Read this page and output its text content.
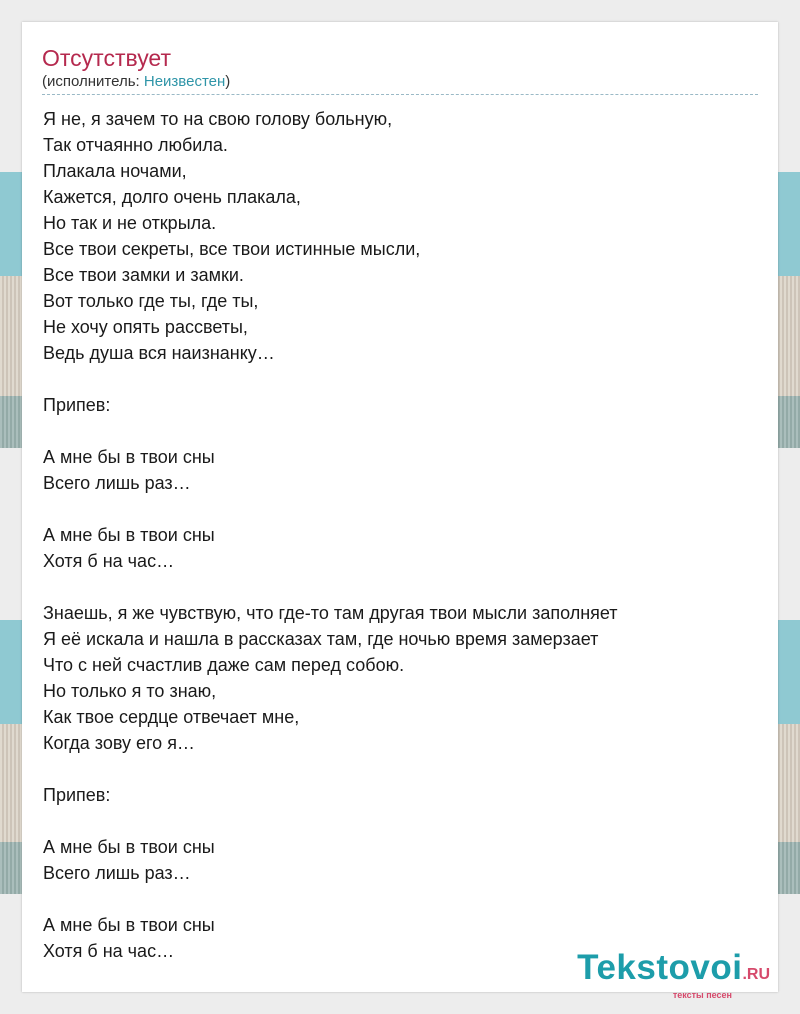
Отсутствует
(исполнитель: Неизвестен)
Я не, я зачем то на свою голову больную,
Так отчаянно любила.
Плакала ночами,
Кажется, долго очень плакала,
Но так и не открыла.
Все твои секреты, все твои истинные мысли,
Все твои замки и замки.
Вот только где ты, где ты,
Не хочу опять рассветы,
Ведь душа вся наизнанку…
Припев:
А мне бы в твои сны
Всего лишь раз…
А мне бы в твои сны
Хотя б на час…
Знаешь, я же чувствую, что где-то там другая твои мысли заполняет
Я её искала и нашла в рассказах там, где ночью время замерзает
Что с ней счастлив даже сам перед собою.
Но только я то знаю,
Как твое сердце отвечает мне,
Когда зову его я…
Припев:
А мне бы в твои сны
Всего лишь раз…
А мне бы в твои сны
Хотя б на час…	Tekstovoi.RU
тексты песен
